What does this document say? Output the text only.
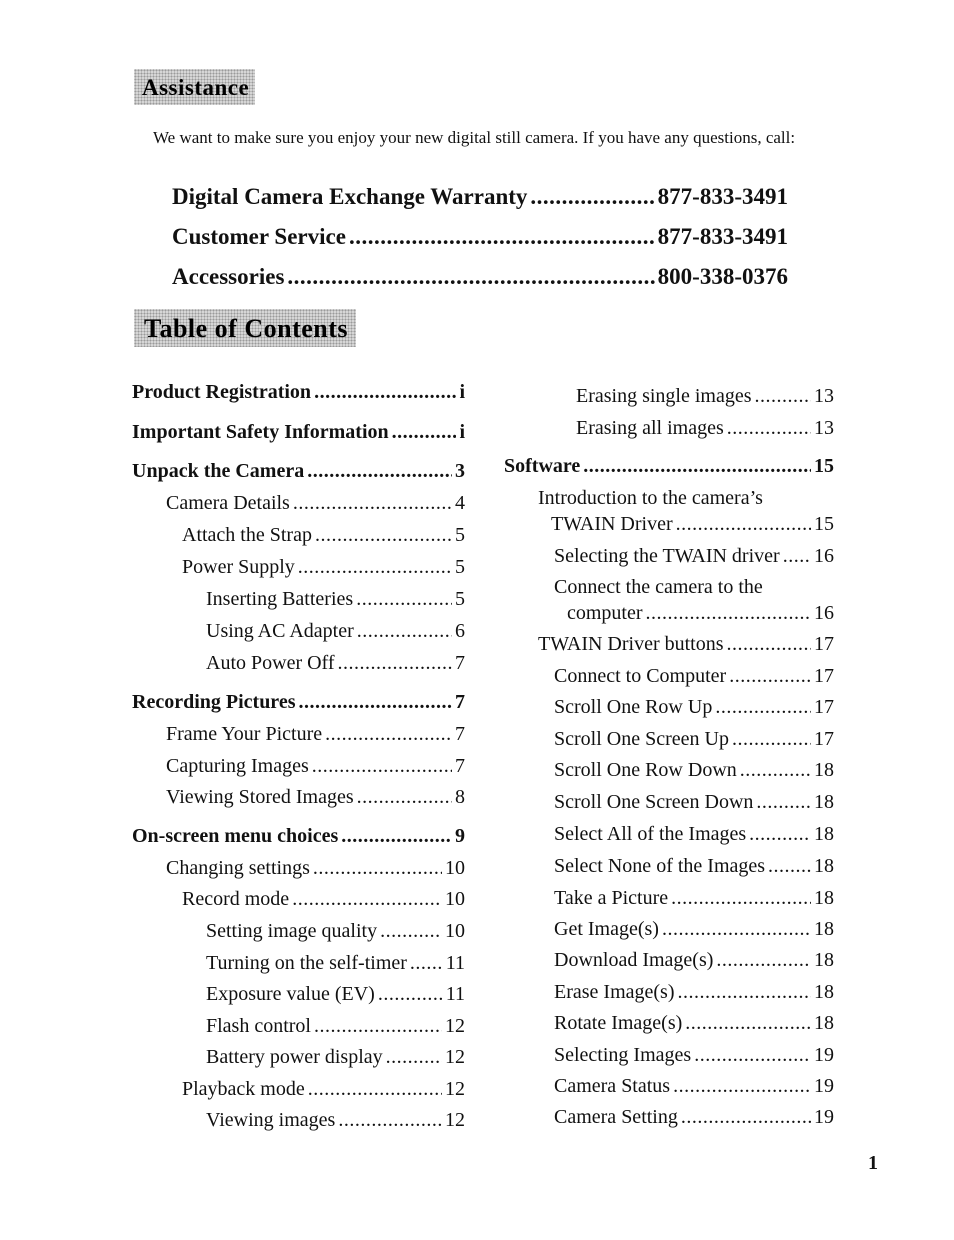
Assistance
We want to make sure you enjoy your new digital still camera. If you have any questions, call:
Digital Camera Exchange Warranty .....	877-833-3491
Customer Service .....	877-833-3491
Accessories .....	800-338-0376
Table of Contents
Product Registration .....	i
Important Safety Information .....	i
Unpack the Camera .....	3
Camera Details .....	4
Attach the Strap .....	5
Power Supply .....	5
Inserting Batteries .....	5
Using AC Adapter .....	6
Auto Power Off .....	7
Recording Pictures .....	7
Frame Your Picture .....	7
Capturing Images .....	7
Viewing Stored Images .....	8
On-screen menu choices .....	9
Changing settings .....	10
Record mode .....	10
Setting image quality .....	10
Turning on the self-timer ..... 11
Exposure value (EV) .....	11
Flash control .....	12
Battery power display .....	12
Playback mode .....	12
Viewing images .....	12
Erasing single images .....	13
Erasing all images .....	13
Software .....	15
Introduction to the camera’s
TWAIN Driver .....	15
Selecting the TWAIN driver ..... 16
Connect the camera to the
computer .....	16
TWAIN Driver buttons .....	17
Connect to Computer .....	17
Scroll One Row Up .....	17
Scroll One Screen Up .....	17
Scroll One Row Down .....	18
Scroll One Screen Down .....	18
Select All of the Images .....	18
Select None of the Images ..... 18
Take a Picture .....	18
Get Image(s) .....	18
Download Image(s) .....	18
Erase Image(s) .....	18
Rotate Image(s) .....	18
Selecting Images .....	19
Camera Status .....	19
Camera Setting .....	19
1
